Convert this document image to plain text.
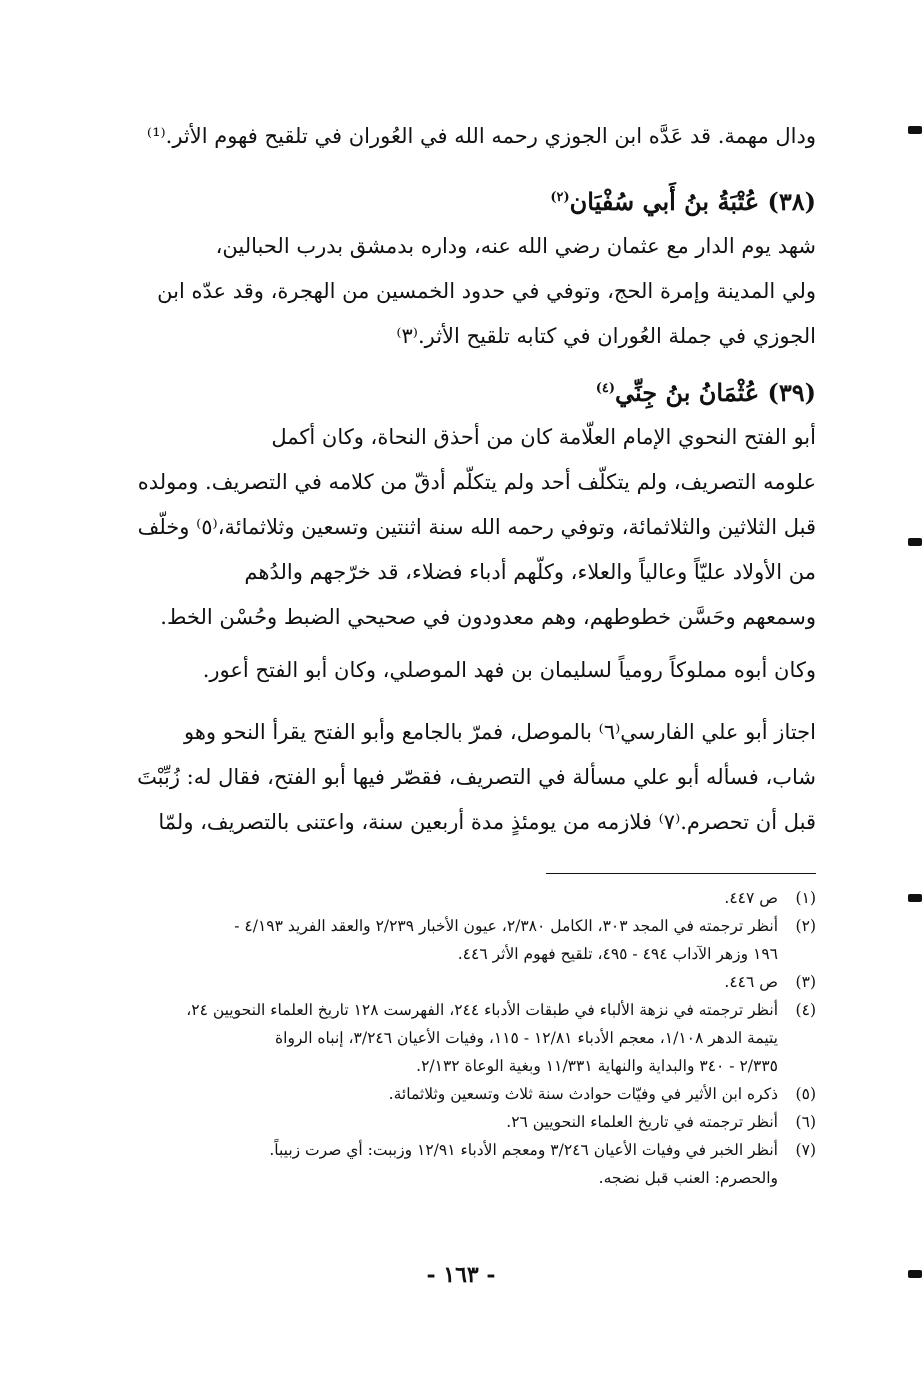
ودال مهمة. قد عَدَّه ابن الجوزي رحمه الله في العُوران في تلقيح فهوم الأثر.⁽¹⁾
(٣٨) عُتْبَةُ بنُ أَبي سُفْيَان$^{(٢)}$
شهد يوم الدار مع عثمان رضي الله عنه، وداره بدمشق بدرب الحبالين،
ولي المدينة وإمرة الحج، وتوفي في حدود الخمسين من الهجرة، وقد عدّه ابن
الجوزي في جملة العُوران في كتابه تلقيح الأثر.⁽٣⁾
(٣٩) عُثْمَانُ بنُ جِنِّي$^{(٤)}$
أبو الفتح النحوي الإمام العلّامة كان من أحذق النحاة، وكان أكمل
علومه التصريف، ولم يتكلّف أحد ولم يتكلّم أدقّ من كلامه في التصريف. ومولده
قبل الثلاثين والثلاثمائة، وتوفي رحمه الله سنة اثنتين وتسعين وثلاثمائة،⁽٥⁾ وخلّف
من الأولاد عليّاً وعالياً والعلاء، وكلّهم أدباء فضلاء، قد خرّجهم والدُهم
وسمعهم وحَسَّن خطوطهم، وهم معدودون في صحيحي الضبط وحُسْن الخط.
وكان أبوه مملوكاً رومياً لسليمان بن فهد الموصلي، وكان أبو الفتح أعور.
اجتاز أبو علي الفارسي⁽٦⁾ بالموصل، فمرّ بالجامع وأبو الفتح يقرأ النحو وهو
شاب، فسأله أبو علي مسألة في التصريف، فقصّر فيها أبو الفتح، فقال له: زُبِّبْتَ
قبل أن تحصرم.⁽٧⁾ فلازمه من يومئذٍ مدة أربعين سنة، واعتنى بالتصريف، ولمّا
(١)
ص ٤٤٧.
(٢)
أنظر ترجمته في المجد ٣٠٣، الكامل ٢/٣٨٠، عيون الأخبار ٢/٢٣٩ والعقد الفريد ٤/١٩٣ -
١٩٦ وزهر الآداب ٤٩٤ - ٤٩٥، تلقيح فهوم الأثر ٤٤٦.
(٣)
ص ٤٤٦.
(٤)
أنظر ترجمته في نزهة الألباء في طبقات الأدباء ٢٤٤، الفهرست ١٢٨ تاريخ العلماء النحويين ٢٤،
يتيمة الدهر ١/١٠٨، معجم الأدباء ١٢/٨١ - ١١٥، وفيات الأعيان ٣/٢٤٦، إنباه الرواة
٢/٣٣٥ - ٣٤٠ والبداية والنهاية ١١/٣٣١ وبغية الوعاة ٢/١٣٢.
(٥)
ذكره ابن الأثير في وفيّات حوادث سنة ثلاث وتسعين وثلاثمائة.
(٦)
أنظر ترجمته في تاريخ العلماء النحويين ٢٦.
(٧)
أنظر الخبر في وفيات الأعيان ٣/٢٤٦ ومعجم الأدباء ١٢/٩١ وزببت: أي صرت زبيباً.
والحصرم: العنب قبل نضجه.
- ١٦٣ -
